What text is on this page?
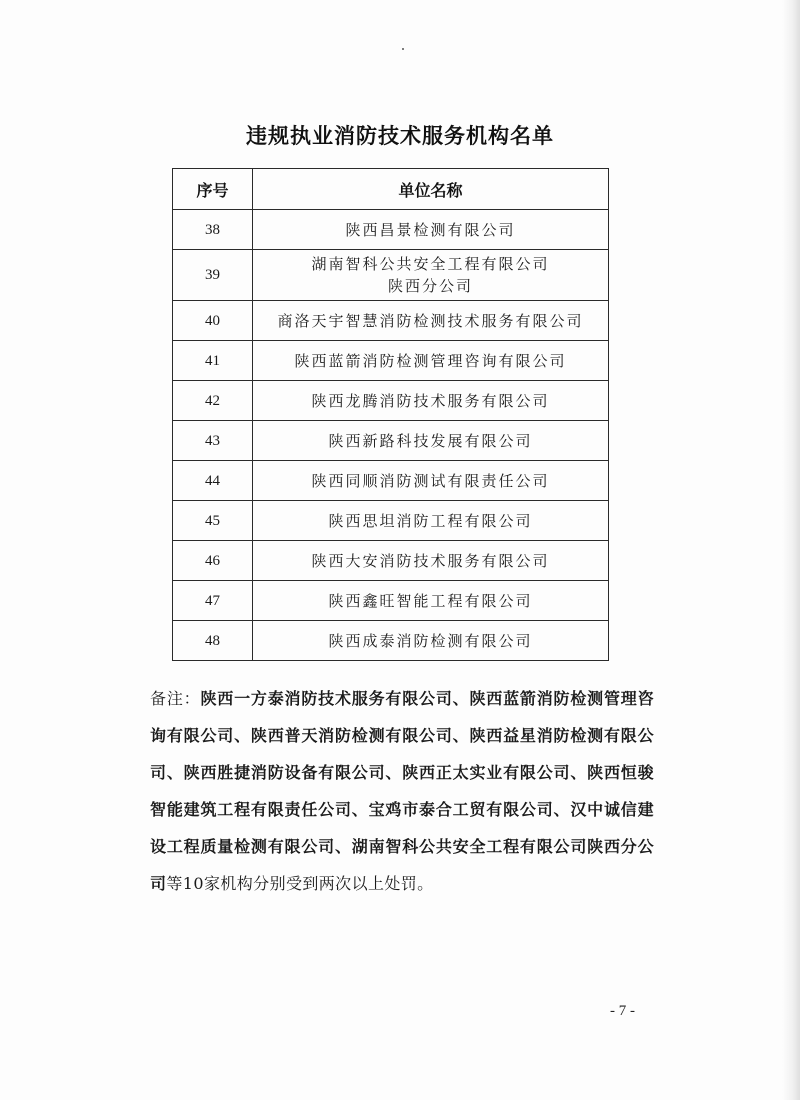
违规执业消防技术服务机构名单
序号	单位名称
38	陕西昌景检测有限公司

39	湖南智科公共安全工程有限公司
陕西分公司

40	商洛天宇智慧消防检测技术服务有限公司

41	陕西蓝箭消防检测管理咨询有限公司

42	陕西龙腾消防技术服务有限公司

43	陕西新路科技发展有限公司

44	陕西同顺消防测试有限责任公司

45	陕西思坦消防工程有限公司

46	陕西大安消防技术服务有限公司

47	陕西鑫旺智能工程有限公司

48	陕西成泰消防检测有限公司
备注：陕西一方泰消防技术服务有限公司、陕西蓝箭消防检测管理咨询有限公司、陕西普天消防检测有限公司、陕西益星消防检测有限公司、陕西胜捷消防设备有限公司、陕西正太实业有限公司、陕西恒骏智能建筑工程有限责任公司、宝鸡市泰合工贸有限公司、汉中诚信建设工程质量检测有限公司、湖南智科公共安全工程有限公司陕西分公司等10家机构分别受到两次以上处罚。
- 7 -
